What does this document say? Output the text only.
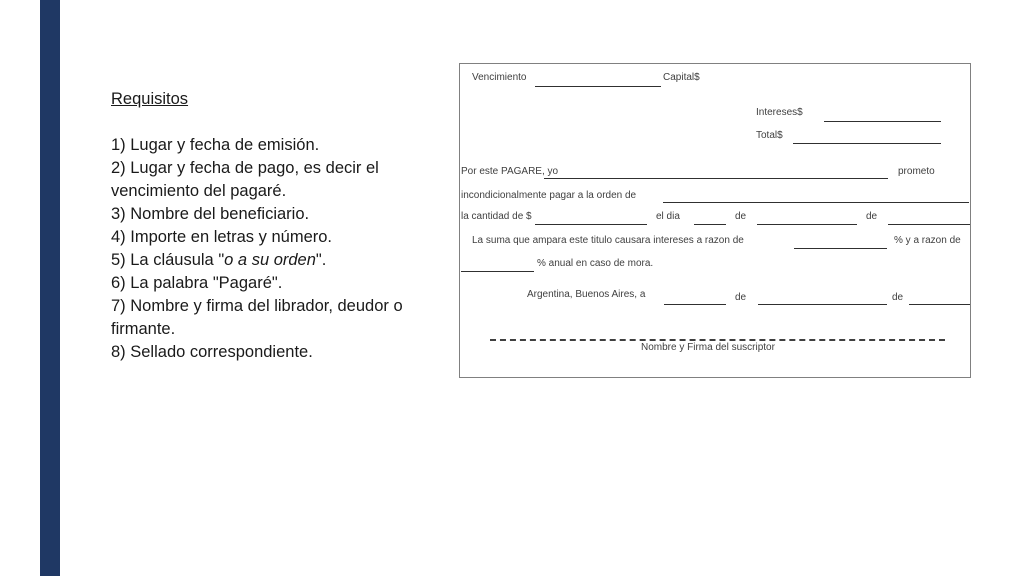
Requisitos

1) Lugar y fecha de emisión.

2) Lugar y fecha de pago, es decir el vencimiento del pagaré.

3) Nombre del beneficiario.

4) Importe en letras y número.

5) La cláusula "o a su orden".

6) La palabra "Pagaré".

7) Nombre y firma del librador, deudor o firmante.

8) Sellado correspondiente.

Vencimiento	Capital$
Intereses$
Total$
Por este PAGARE, yo	prometo
incondicionalmente pagar a la orden de
la cantidad de $	el dia	de	de
La suma que ampara este titulo causara intereses a razon de	% y a razon de
% anual en caso de mora.
Argentina, Buenos Aires, a	de	de
Nombre y Firma del suscriptor
